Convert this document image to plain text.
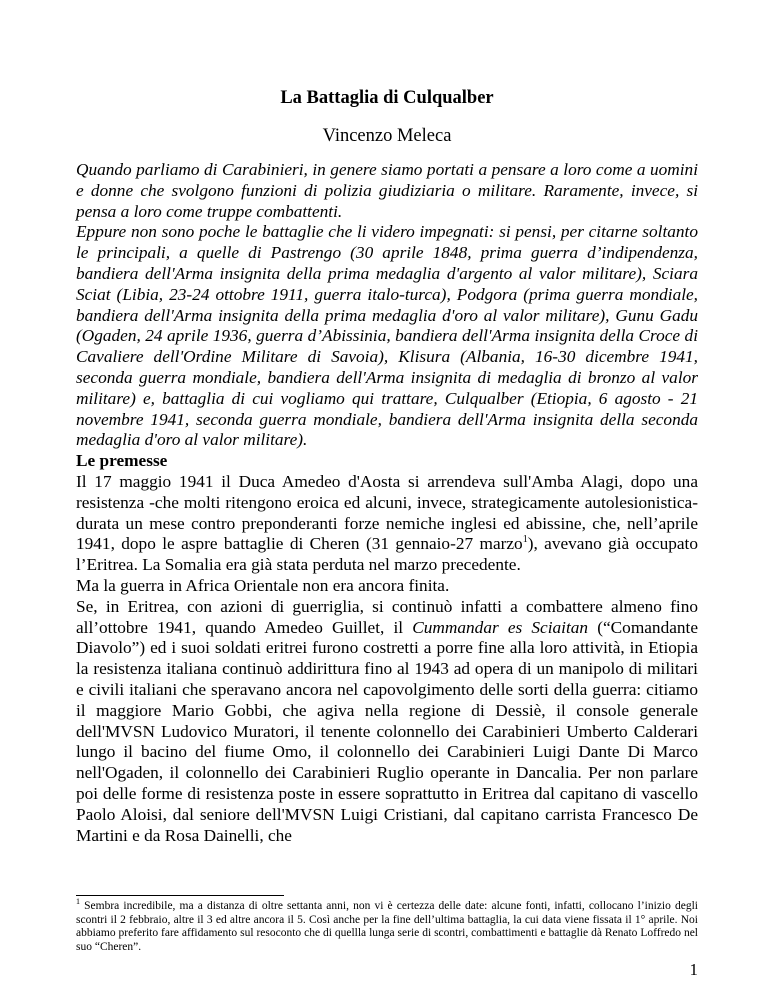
La Battaglia di Culqualber
Vincenzo Meleca

Quando parliamo di Carabinieri, in genere siamo portati a pensare a loro come a uomini e donne che svolgono funzioni di polizia giudiziaria o militare. Raramente, invece, si pensa a loro come truppe combattenti.

Eppure non sono poche le battaglie che li videro impegnati: si pensi, per citarne soltanto le principali, a quelle di Pastrengo (30 aprile 1848, prima guerra d’indipendenza, bandiera dell'Arma insignita della prima medaglia d'argento al valor militare), Sciara Sciat (Libia, 23-24 ottobre 1911, guerra italo-turca), Podgora (prima guerra mondiale, bandiera dell'Arma insignita della prima medaglia d'oro al valor militare), Gunu Gadu (Ogaden, 24 aprile 1936, guerra d’Abissinia, bandiera dell'Arma insignita della Croce di Cavaliere dell'Ordine Militare di Savoia), Klisura (Albania, 16-30 dicembre 1941, seconda guerra mondiale, bandiera dell'Arma insignita di medaglia di bronzo al valor militare) e, battaglia di cui vogliamo qui trattare, Culqualber (Etiopia, 6 agosto - 21 novembre 1941, seconda guerra mondiale, bandiera dell'Arma insignita della seconda medaglia d'oro al valor militare).

Le premesse

Il 17 maggio 1941 il Duca Amedeo d'Aosta si arrendeva sull'Amba Alagi, dopo una resistenza -che molti ritengono eroica ed alcuni, invece, strategicamente autolesionistica- durata un mese contro preponderanti forze nemiche inglesi ed abissine, che, nell’aprile 1941, dopo le aspre battaglie di Cheren (31 gennaio-27 marzo$^1$), avevano già occupato l’Eritrea. La Somalia era già stata perduta nel marzo precedente.

Ma la guerra in Africa Orientale non era ancora finita.

Se, in Eritrea, con azioni di guerriglia, si continuò infatti a combattere almeno fino all’ottobre 1941, quando Amedeo Guillet, il Cummandar es Sciaitan (“Comandante Diavolo”) ed i suoi soldati eritrei furono costretti a porre fine alla loro attività, in Etiopia la resistenza italiana continuò addirittura fino al 1943 ad opera di un manipolo di militari e civili italiani che speravano ancora nel capovolgimento delle sorti della guerra: citiamo il maggiore Mario Gobbi, che agiva nella regione di Dessiè, il console generale dell'MVSN Ludovico Muratori, il tenente colonnello dei Carabinieri Umberto Calderari lungo il bacino del fiume Omo, il colonnello dei Carabinieri Luigi Dante Di Marco nell'Ogaden, il colonnello dei Carabinieri Ruglio operante in Dancalia. Per non parlare poi delle forme di resistenza poste in essere soprattutto in Eritrea dal capitano di vascello Paolo Aloisi, dal seniore dell'MVSN Luigi Cristiani, dal capitano carrista Francesco De Martini e da Rosa Dainelli, che

$^1$ Sembra incredibile, ma a distanza di oltre settanta anni, non vi è certezza delle date: alcune fonti, infatti, collocano l’inizio degli scontri il 2 febbraio, altre il 3 ed altre ancora il 5. Così anche per la fine dell’ultima battaglia, la cui data viene fissata il 1° aprile. Noi abbiamo preferito fare affidamento sul resoconto che di quellla lunga serie di scontri, combattimenti e battaglie dà Renato Loffredo nel suo “Cheren”.
1
